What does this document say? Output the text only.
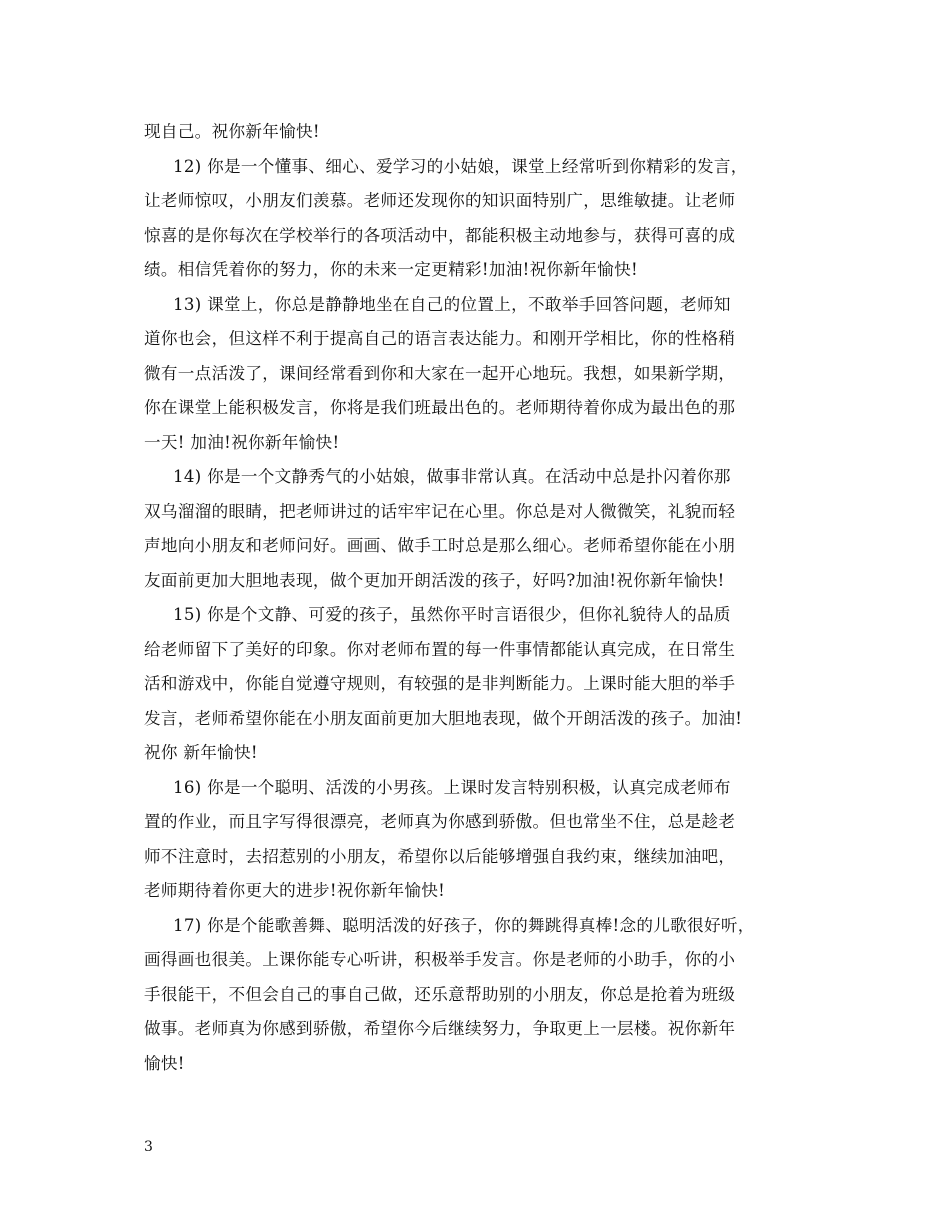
现自己。祝你新年愉快!
12) 你是一个懂事、细心、爱学习的小姑娘，课堂上经常听到你精彩的发言，
让老师惊叹，小朋友们羡慕。老师还发现你的知识面特别广，思维敏捷。让老师
惊喜的是你每次在学校举行的各项活动中，都能积极主动地参与，获得可喜的成
绩。相信凭着你的努力，你的未来一定更精彩!加油!祝你新年愉快!
13) 课堂上，你总是静静地坐在自己的位置上，不敢举手回答问题，老师知
道你也会，但这样不利于提高自己的语言表达能力。和刚开学相比，你的性格稍
微有一点活泼了，课间经常看到你和大家在一起开心地玩。我想，如果新学期，
你在课堂上能积极发言，你将是我们班最出色的。老师期待着你成为最出色的那
一天! 加油!祝你新年愉快!
14) 你是一个文静秀气的小姑娘，做事非常认真。在活动中总是扑闪着你那
双乌溜溜的眼睛，把老师讲过的话牢牢记在心里。你总是对人微微笑，礼貌而轻
声地向小朋友和老师问好。画画、做手工时总是那么细心。老师希望你能在小朋
友面前更加大胆地表现，做个更加开朗活泼的孩子，好吗?加油!祝你新年愉快!
15) 你是个文静、可爱的孩子，虽然你平时言语很少，但你礼貌待人的品质
给老师留下了美好的印象。你对老师布置的每一件事情都能认真完成，在日常生
活和游戏中，你能自觉遵守规则，有较强的是非判断能力。上课时能大胆的举手
发言，老师希望你能在小朋友面前更加大胆地表现，做个开朗活泼的孩子。加油!
祝你 新年愉快!
16) 你是一个聪明、活泼的小男孩。上课时发言特别积极，认真完成老师布
置的作业，而且字写得很漂亮，老师真为你感到骄傲。但也常坐不住，总是趁老
师不注意时，去招惹别的小朋友，希望你以后能够增强自我约束，继续加油吧，
老师期待着你更大的进步!祝你新年愉快!
17) 你是个能歌善舞、聪明活泼的好孩子，你的舞跳得真棒!念的儿歌很好听，
画得画也很美。上课你能专心听讲，积极举手发言。你是老师的小助手，你的小
手很能干，不但会自己的事自己做，还乐意帮助别的小朋友，你总是抢着为班级
做事。老师真为你感到骄傲，希望你今后继续努力，争取更上一层楼。祝你新年
愉快!
3
